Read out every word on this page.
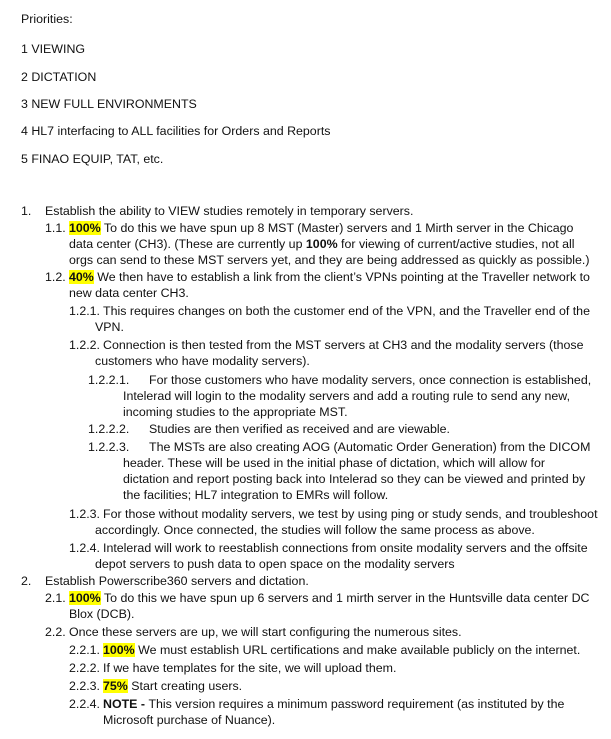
Priorities:
1 VIEWING
2 DICTATION
3 NEW FULL ENVIRONMENTS
4 HL7 interfacing to ALL facilities for Orders and Reports
5 FINAO EQUIP, TAT, etc.
1. Establish the ability to VIEW studies remotely in temporary servers.
1.1. 100% To do this we have spun up 8 MST (Master) servers and 1 Mirth server in the Chicago
data center (CH3). (These are currently up 100% for viewing of current/active studies, not all
orgs can send to these MST servers yet, and they are being addressed as quickly as possible.)
1.2. 40% We then have to establish a link from the client’s VPNs pointing at the Traveller network to
new data center CH3.
1.2.1. This requires changes on both the customer end of the VPN, and the Traveller end of the
VPN.
1.2.2. Connection is then tested from the MST servers at CH3 and the modality servers (those
customers who have modality servers).
1.2.2.1. For those customers who have modality servers, once connection is established,
Intelerad will login to the modality servers and add a routing rule to send any new,
incoming studies to the appropriate MST.
1.2.2.2. Studies are then verified as received and are viewable.
1.2.2.3. The MSTs are also creating AOG (Automatic Order Generation) from the DICOM
header. These will be used in the initial phase of dictation, which will allow for
dictation and report posting back into Intelerad so they can be viewed and printed by
the facilities; HL7 integration to EMRs will follow.
1.2.3. For those without modality servers, we test by using ping or study sends, and troubleshoot
accordingly. Once connected, the studies will follow the same process as above.
1.2.4. Intelerad will work to reestablish connections from onsite modality servers and the offsite
depot servers to push data to open space on the modality servers
2. Establish Powerscribe360 servers and dictation.
2.1. 100% To do this we have spun up 6 servers and 1 mirth server in the Huntsville data center DC
Blox (DCB).
2.2. Once these servers are up, we will start configuring the numerous sites.
2.2.1. 100% We must establish URL certifications and make available publicly on the internet.
2.2.2. If we have templates for the site, we will upload them.
2.2.3. 75% Start creating users.
2.2.4. NOTE - This version requires a minimum password requirement (as instituted by the
Microsoft purchase of Nuance).
